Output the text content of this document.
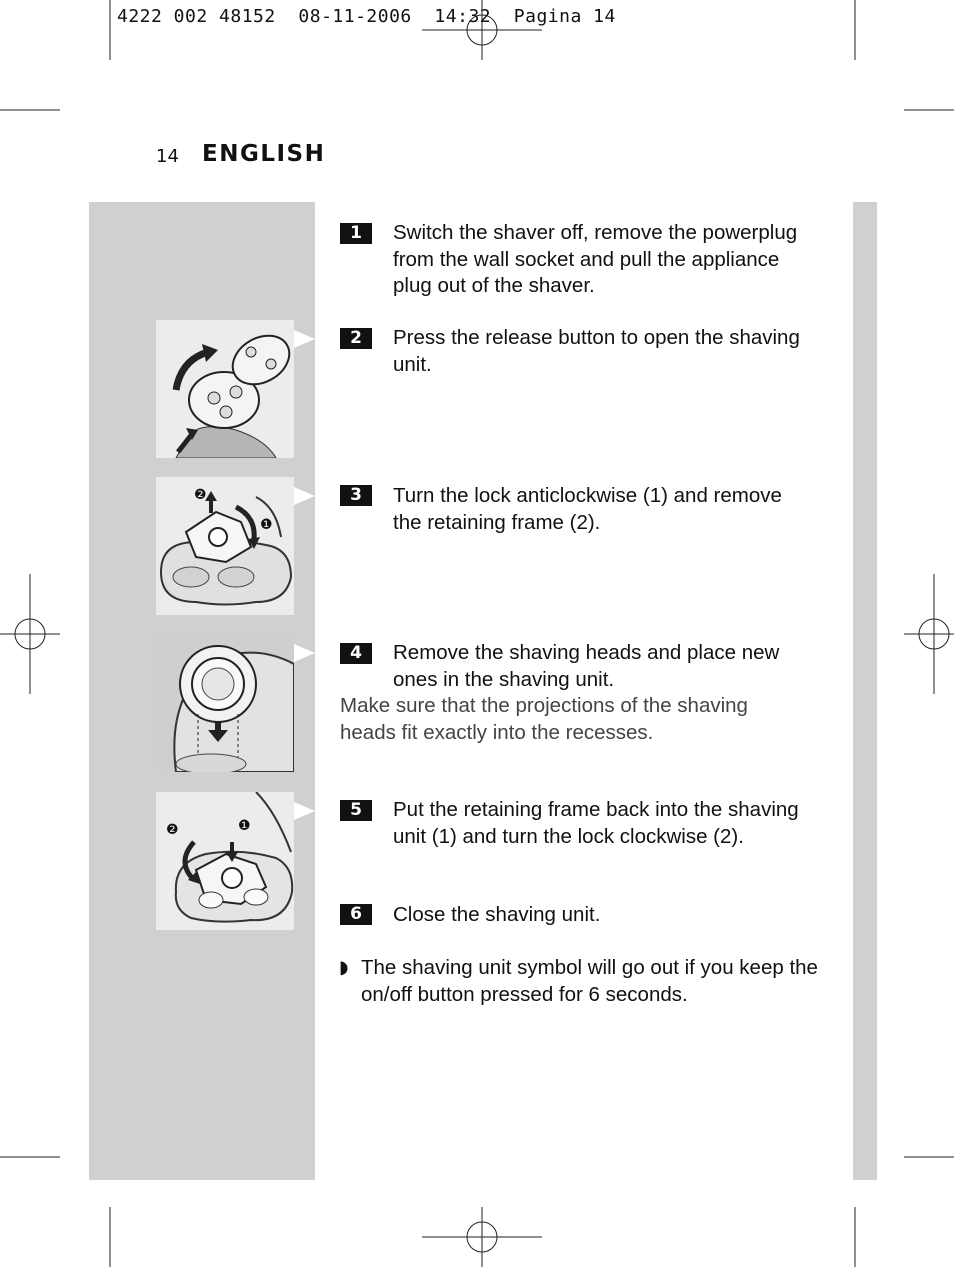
4222 002 48152  08-11-2006  14:32  Pagina 14
14 ENGLISH
❷
❶
❷	❶
1	Switch the shaver off, remove the powerplug from the wall socket and pull the appliance plug out of the shaver.
2	Press the release button to open the shaving unit.
3	Turn the lock anticlockwise (1) and remove the retaining frame (2).
4	Remove the shaving heads and place new ones in the shaving unit.
Make sure that the projections of the shaving heads fit exactly into the recesses.
5	Put the retaining frame back into the shaving unit (1) and turn the lock clockwise (2).
6	Close the shaving unit.
◗ The shaving unit symbol will go out if you keep the on/off button pressed for 6 seconds.
